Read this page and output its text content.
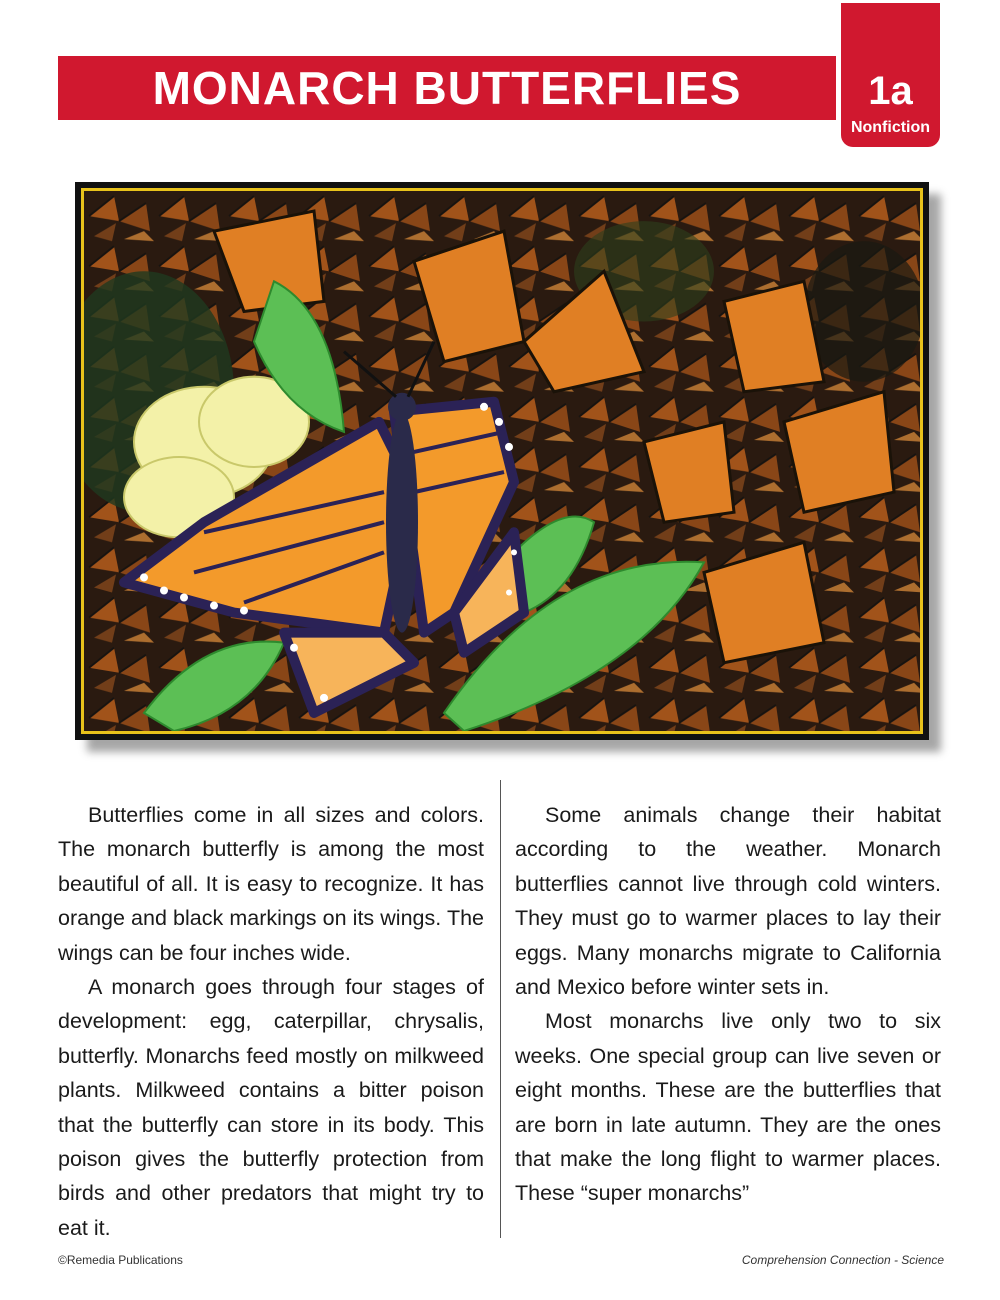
MONARCH BUTTERFLIES	1a
Nonfiction

Butterflies come in all sizes and colors. The monarch butterfly is among the most beautiful of all. It is easy to recognize. It has orange and black markings on its wings. The wings can be four inches wide.

A monarch goes through four stages of development: egg, caterpillar, chrysalis, butterfly. Monarchs feed mostly on milkweed plants. Milkweed contains a bitter poison that the butterfly can store in its body. This poison gives the butterfly protection from birds and other predators that might try to eat it.

Some animals change their habitat according to the weather. Monarch butterflies cannot live through cold winters. They must go to warmer places to lay their eggs. Many monarchs migrate to California and Mexico before winter sets in.

Most monarchs live only two to six weeks. One special group can live seven or eight months. These are the butterflies that are born in late autumn. They are the ones that make the long flight to warmer places. These “super monarchs”

©Remedia Publications	Comprehension Connection - Science
